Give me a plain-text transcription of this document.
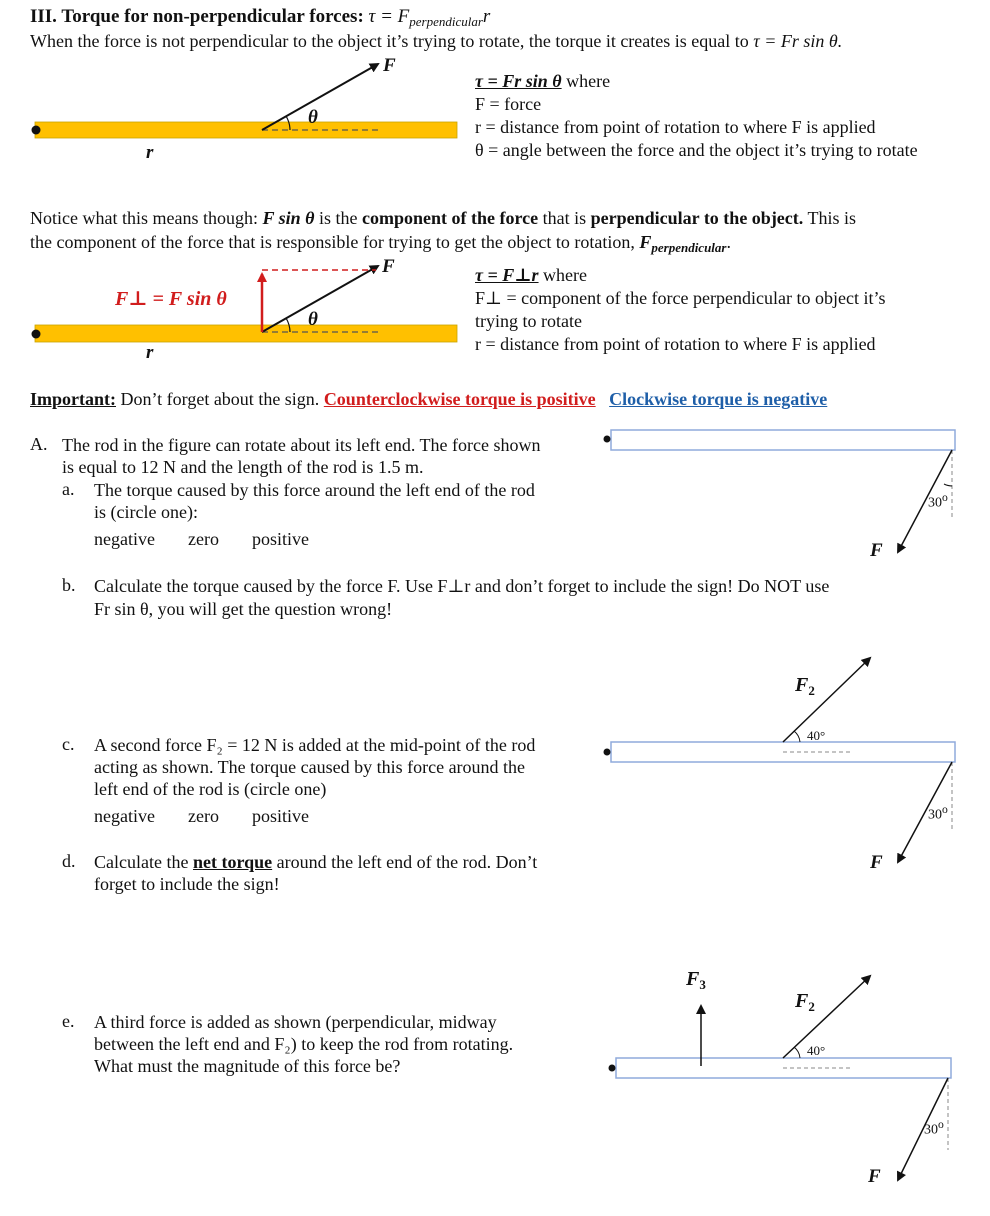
III. Torque for non-perpendicular forces: $\tau = F_{perpendicular}r$
When the force is not perpendicular to the object it’s trying to rotate, the torque it creates is equal to τ = Fr sin θ.
F
θ
r
τ = Fr sin θ where
F = force
r = distance from point of rotation to where F is applied
θ = angle between the force and the object it’s trying to rotate
Notice what this means though: F sin θ is the component of the force that is perpendicular to the object. This is
the component of the force that is responsible for trying to get the object to rotation, $F_{perpendicular}$.
F
F⊥ = F sin θ
θ
r
τ = F⊥r where
F⊥ = component of the force perpendicular to object it’s
trying to rotate
r = distance from point of rotation to where F is applied
Important: Don’t forget about the sign. Counterclockwise torque is positive Clockwise torque is negative
A. The rod in the figure can rotate about its left end. The force shown
is equal to 12 N and the length of the rod is 1.5 m.
a. The torque caused by this force around the left end of the rod
is (circle one):
negative zero positive
b. Calculate the torque caused by the force F. Use F⊥r and don’t forget to include the sign! Do NOT use
Fr sin θ, you will get the question wrong!
c. A second force F₂ = 12 N is added at the mid-point of the rod
acting as shown. The torque caused by this force around the
left end of the rod is (circle one)
negative zero positive
d. Calculate the net torque around the left end of the rod. Don’t
forget to include the sign!
e. A third force is added as shown (perpendicular, midway
between the left end and F₂) to keep the rod from rotating.
What must the magnitude of this force be?
F
30$^o$
$F_2$
40°
30$^o$
F
$F_3$
$F_2$
40°
30$^o$
F
